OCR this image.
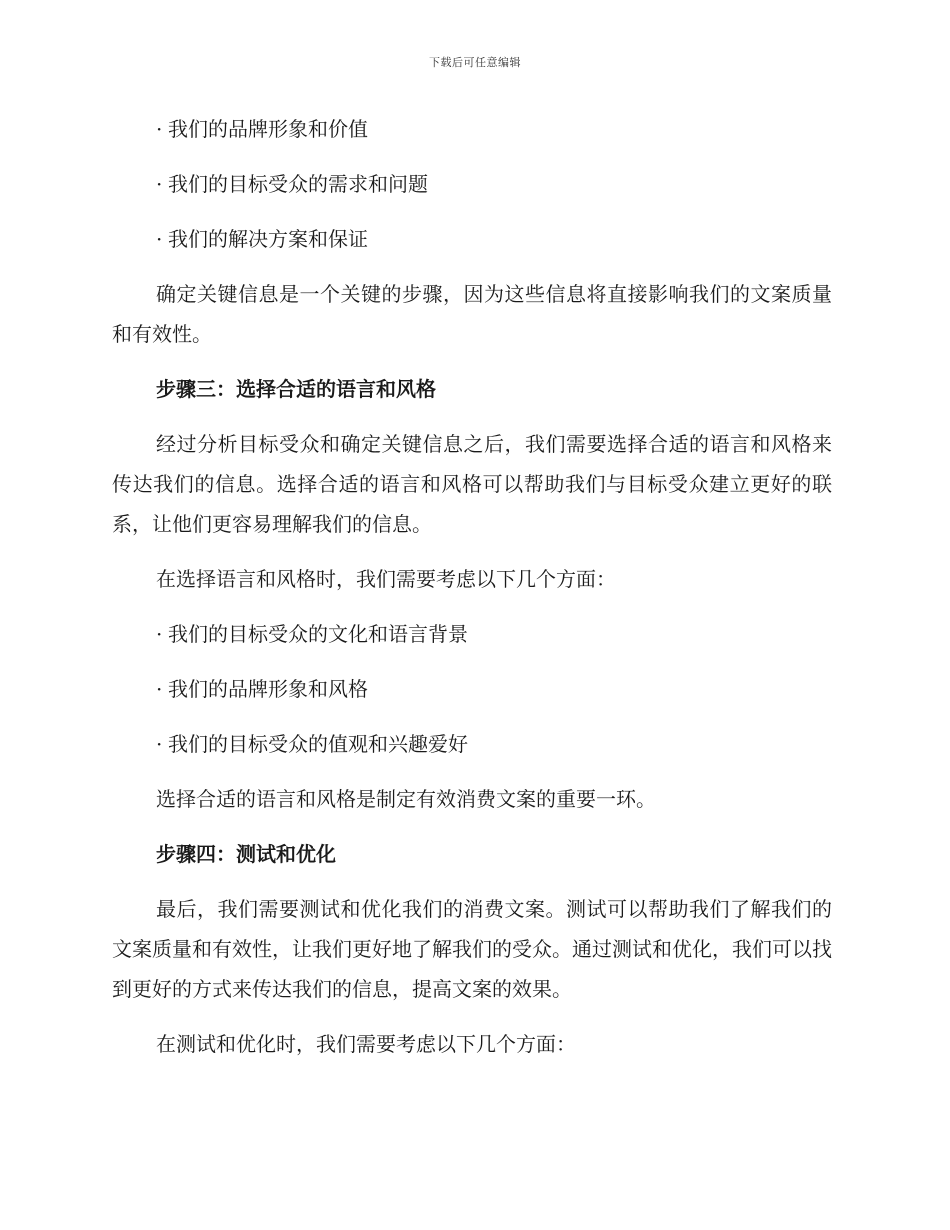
下载后可任意编辑

· 我们的品牌形象和价值

· 我们的目标受众的需求和问题

· 我们的解决方案和保证

确定关键信息是一个关键的步骤，因为这些信息将直接影响我们的文案质量和有效性。

步骤三：选择合适的语言和风格

经过分析目标受众和确定关键信息之后，我们需要选择合适的语言和风格来传达我们的信息。选择合适的语言和风格可以帮助我们与目标受众建立更好的联系，让他们更容易理解我们的信息。

在选择语言和风格时，我们需要考虑以下几个方面：

· 我们的目标受众的文化和语言背景

· 我们的品牌形象和风格

· 我们的目标受众的值观和兴趣爱好

选择合适的语言和风格是制定有效消费文案的重要一环。

步骤四：测试和优化

最后，我们需要测试和优化我们的消费文案。测试可以帮助我们了解我们的文案质量和有效性，让我们更好地了解我们的受众。通过测试和优化，我们可以找到更好的方式来传达我们的信息，提高文案的效果。

在测试和优化时，我们需要考虑以下几个方面：
